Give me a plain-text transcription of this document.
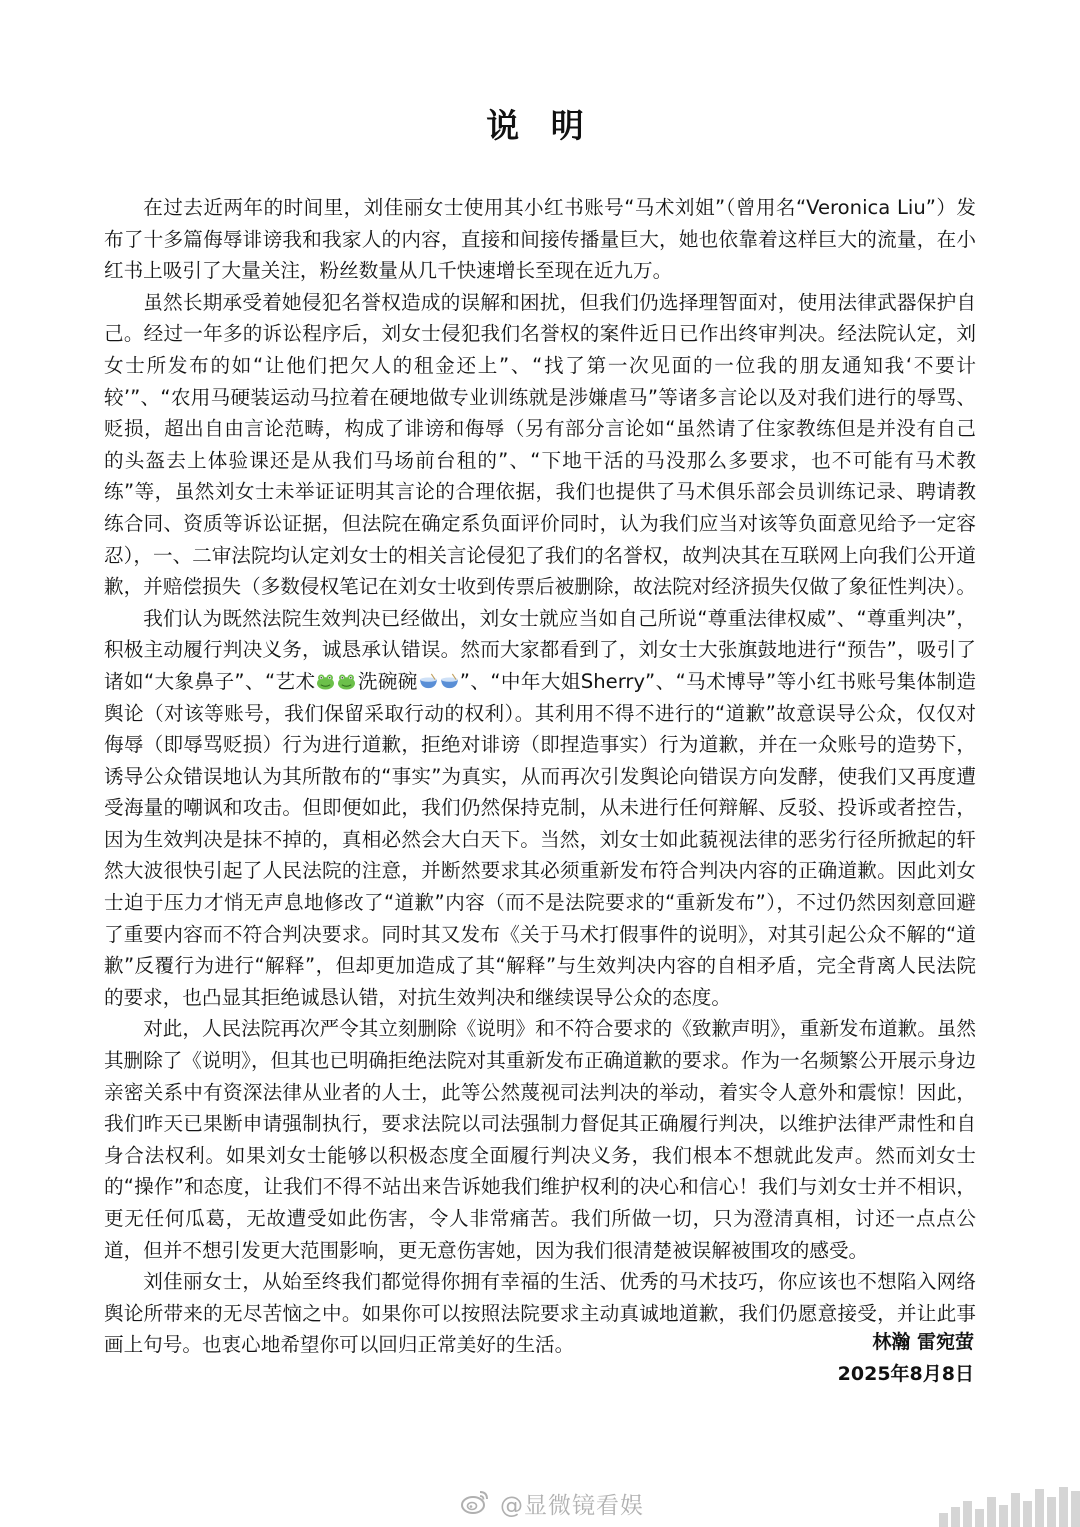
说 明

在过去近两年的时间里，刘佳丽女士使用其小红书账号“马术刘姐”（曾用名“Veronica Liu”）发布了十多篇侮辱诽谤我和我家人的内容，直接和间接传播量巨大，她也依靠着这样巨大的流量，在小红书上吸引了大量关注，粉丝数量从几千快速增长至现在近九万。

虽然长期承受着她侵犯名誉权造成的误解和困扰，但我们仍选择理智面对，使用法律武器保护自己。经过一年多的诉讼程序后，刘女士侵犯我们名誉权的案件近日已作出终审判决。经法院认定，刘女士所发布的如“让他们把欠人的租金还上”、“找了第一次见面的一位我的朋友通知我‘不要计较’”、“农用马硬装运动马拉着在硬地做专业训练就是涉嫌虐马”等诸多言论以及对我们进行的辱骂、贬损，超出自由言论范畴，构成了诽谤和侮辱（另有部分言论如“虽然请了住家教练但是并没有自己的头盔去上体验课还是从我们马场前台租的”、“下地干活的马没那么多要求，也不可能有马术教练”等，虽然刘女士未举证证明其言论的合理依据，我们也提供了马术俱乐部会员训练记录、聘请教练合同、资质等诉讼证据，但法院在确定系负面评价同时，认为我们应当对该等负面意见给予一定容忍），一、二审法院均认定刘女士的相关言论侵犯了我们的名誉权，故判决其在互联网上向我们公开道歉，并赔偿损失（多数侵权笔记在刘女士收到传票后被删除，故法院对经济损失仅做了象征性判决）。

我们认为既然法院生效判决已经做出，刘女士就应当如自己所说“尊重法律权威”、“尊重判决”，积极主动履行判决义务，诚恳承认错误。然而大家都看到了，刘女士大张旗鼓地进行“预告”，吸引了诸如“大象鼻子”、“艺术 洗碗碗 ”、“中年大姐Sherry”、“马术博导”等小红书账号集体制造舆论（对该等账号，我们保留采取行动的权利）。其利用不得不进行的“道歉”故意误导公众，仅仅对侮辱（即辱骂贬损）行为进行道歉，拒绝对诽谤（即捏造事实）行为道歉，并在一众账号的造势下，诱导公众错误地认为其所散布的“事实”为真实，从而再次引发舆论向错误方向发酵，使我们又再度遭受海量的嘲讽和攻击。但即便如此，我们仍然保持克制，从未进行任何辩解、反驳、投诉或者控告，因为生效判决是抹不掉的，真相必然会大白天下。当然，刘女士如此藐视法律的恶劣行径所掀起的轩然大波很快引起了人民法院的注意，并断然要求其必须重新发布符合判决内容的正确道歉。因此刘女士迫于压力才悄无声息地修改了“道歉”内容（而不是法院要求的“重新发布”），不过仍然因刻意回避了重要内容而不符合判决要求。同时其又发布《关于马术打假事件的说明》，对其引起公众不解的“道歉”反覆行为进行“解释”，但却更加造成了其“解释”与生效判决内容的自相矛盾，完全背离人民法院的要求，也凸显其拒绝诚恳认错，对抗生效判决和继续误导公众的态度。

对此，人民法院再次严令其立刻删除《说明》和不符合要求的《致歉声明》，重新发布道歉。虽然其删除了《说明》，但其也已明确拒绝法院对其重新发布正确道歉的要求。作为一名频繁公开展示身边亲密关系中有资深法律从业者的人士，此等公然蔑视司法判决的举动，着实令人意外和震惊！因此，我们昨天已果断申请强制执行，要求法院以司法强制力督促其正确履行判决，以维护法律严肃性和自身合法权利。如果刘女士能够以积极态度全面履行判决义务，我们根本不想就此发声。然而刘女士的“操作”和态度，让我们不得不站出来告诉她我们维护权利的决心和信心！我们与刘女士并不相识，更无任何瓜葛，无故遭受如此伤害，令人非常痛苦。我们所做一切，只为澄清真相，讨还一点点公道，但并不想引发更大范围影响，更无意伤害她，因为我们很清楚被误解被围攻的感受。

刘佳丽女士，从始至终我们都觉得你拥有幸福的生活、优秀的马术技巧，你应该也不想陷入网络舆论所带来的无尽苦恼之中。如果你可以按照法院要求主动真诚地道歉，我们仍愿意接受，并让此事画上句号。也衷心地希望你可以回归正常美好的生活。	林瀚 雷宛萤
2025年8月8日
@显微镜看娱
